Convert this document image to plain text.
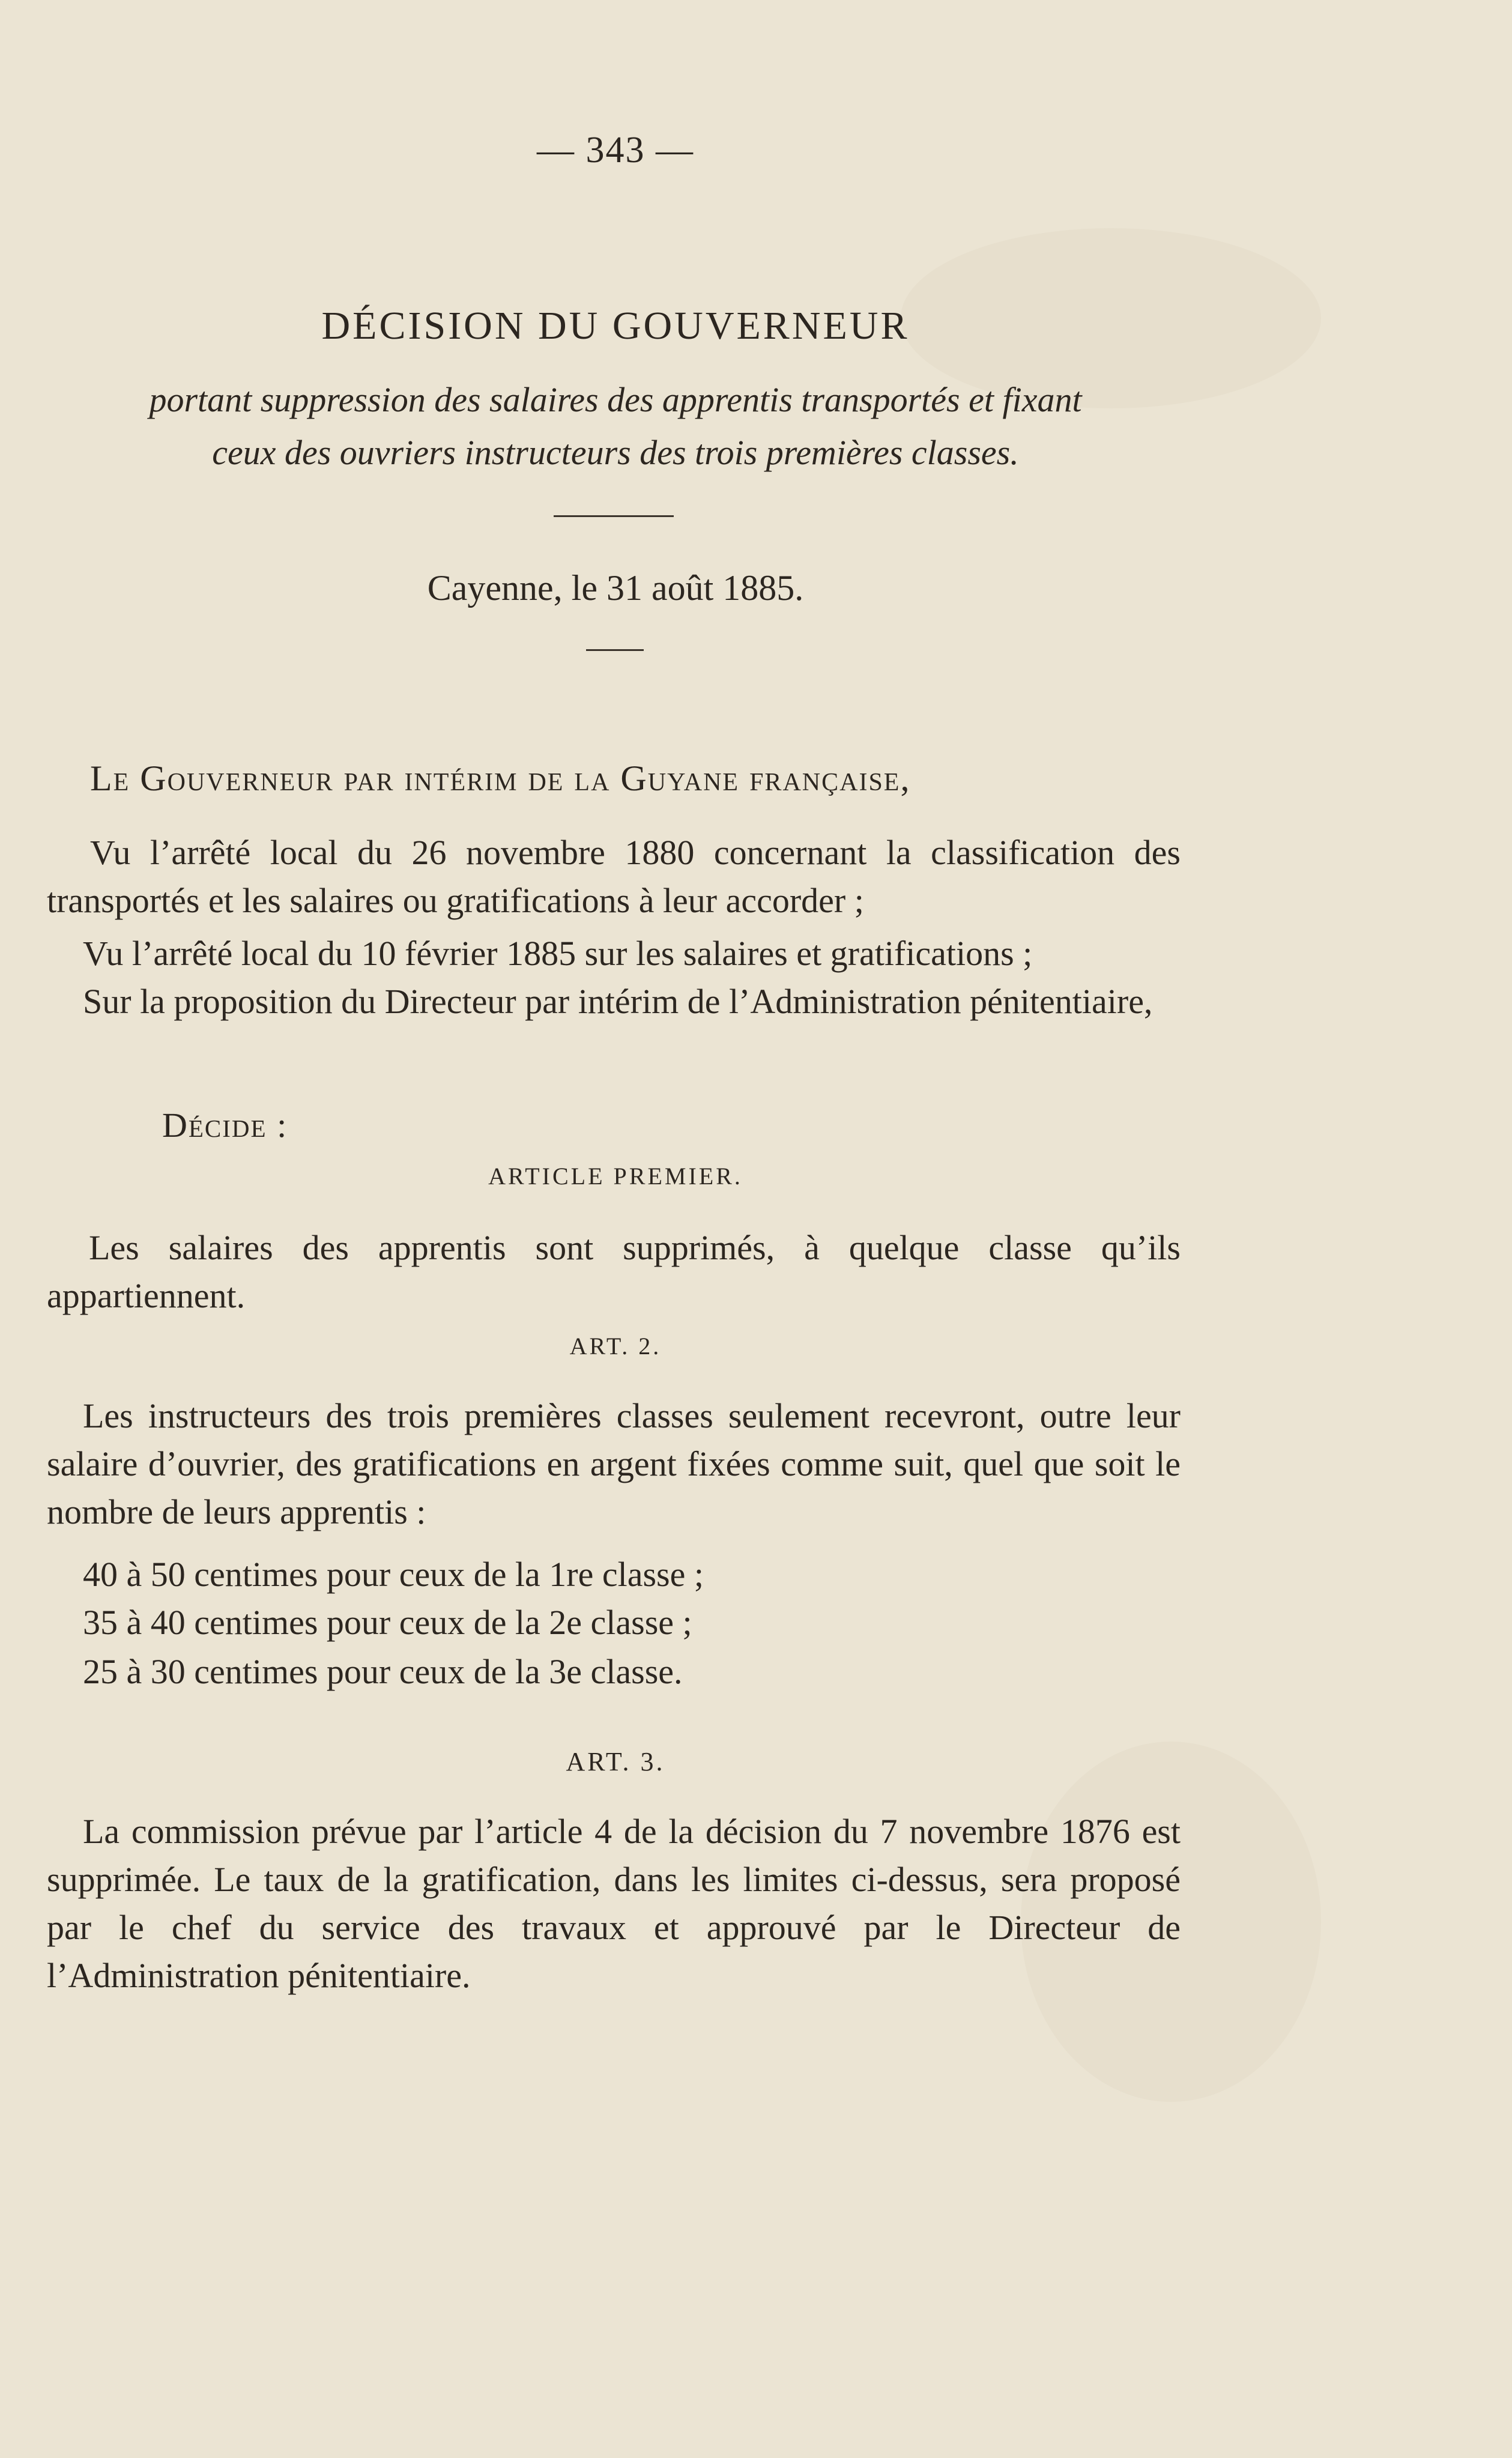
— 343 —
DÉCISION DU GOUVERNEUR
portant suppression des salaires des apprentis transportés et fixant
ceux des ouvriers instructeurs des trois premières classes.
Cayenne, le 31 août 1885.
Le Gouverneur par intérim de la Guyane française,
Vu l’arrêté local du 26 novembre 1880 concernant la classification des transportés et les salaires ou gratifications à leur accorder ;
Vu l’arrêté local du 10 février 1885 sur les salaires et gratifications ;
Sur la proposition du Directeur par intérim de l’Administration pénitentiaire,
Décide :
ARTICLE PREMIER.
Les salaires des apprentis sont supprimés, à quelque classe qu’ils appartiennent.
ART. 2.
Les instructeurs des trois premières classes seulement recevront, outre leur salaire d’ouvrier, des gratifications en argent fixées comme suit, quel que soit le nombre de leurs apprentis :
40 à 50 centimes pour ceux de la 1re classe ;
35 à 40 centimes pour ceux de la 2e classe ;
25 à 30 centimes pour ceux de la 3e classe.
ART. 3.
La commission prévue par l’article 4 de la décision du 7 novembre 1876 est supprimée. Le taux de la gratification, dans les limites ci-dessus, sera proposé par le chef du service des travaux et approuvé par le Directeur de l’Administration pénitentiaire.
